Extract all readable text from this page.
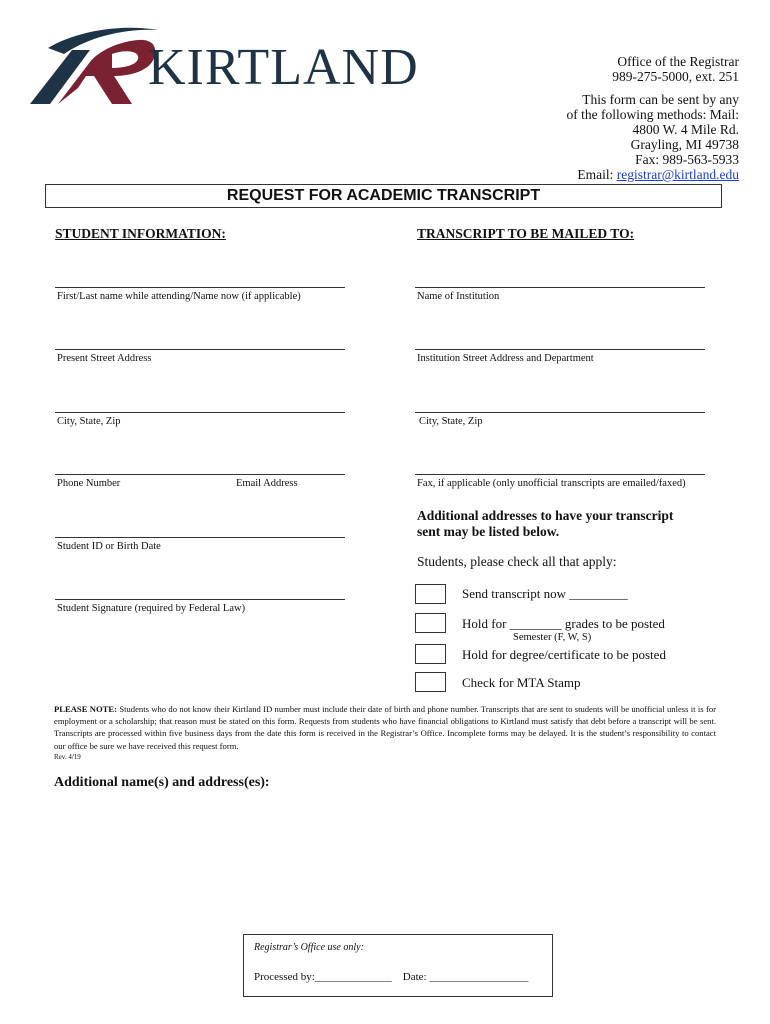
KIRTLAND	Office of the Registrar
989-275-5000, ext. 251
This form can be sent by any
of the following methods: Mail:
4800 W. 4 Mile Rd.
Grayling, MI 49738
Fax: 989-563-5933
Email: registrar@kirtland.edu
REQUEST FOR ACADEMIC TRANSCRIPT
STUDENT INFORMATION:	TRANSCRIPT TO BE MAILED TO:
First/Last name while attending/Name now (if applicable)
Present Street Address
City, State, Zip
Phone Number	Email Address
Student ID or Birth Date
Student Signature (required by Federal Law)
Name of Institution
Institution Street Address and Department
City, State, Zip
Fax, if applicable (only unofficial transcripts are emailed/faxed)
Additional addresses to have your transcript
sent may be listed below.
Students, please check all that apply:
Send transcript now _________
Hold for ________ grades to be posted
Semester (F, W, S)
Hold for degree/certificate to be posted
Check for MTA Stamp
PLEASE NOTE: Students who do not know their Kirtland ID number must include their date of birth and phone number. Transcripts that are sent to students will be unofficial unless it is for employment or a scholarship; that reason must be stated on this form. Requests from students who have financial obligations to Kirtland must satisfy that debt before a transcript will be sent. Transcripts are processed within five business days from the date this form is received in the Registrar’s Office. Incomplete forms may be delayed. It is the student’s responsibility to contact our office be sure we have received this request form.
Rev. 4/19
Additional name(s) and address(es):
Registrar’s Office use only:
Processed by:______________    Date: __________________
